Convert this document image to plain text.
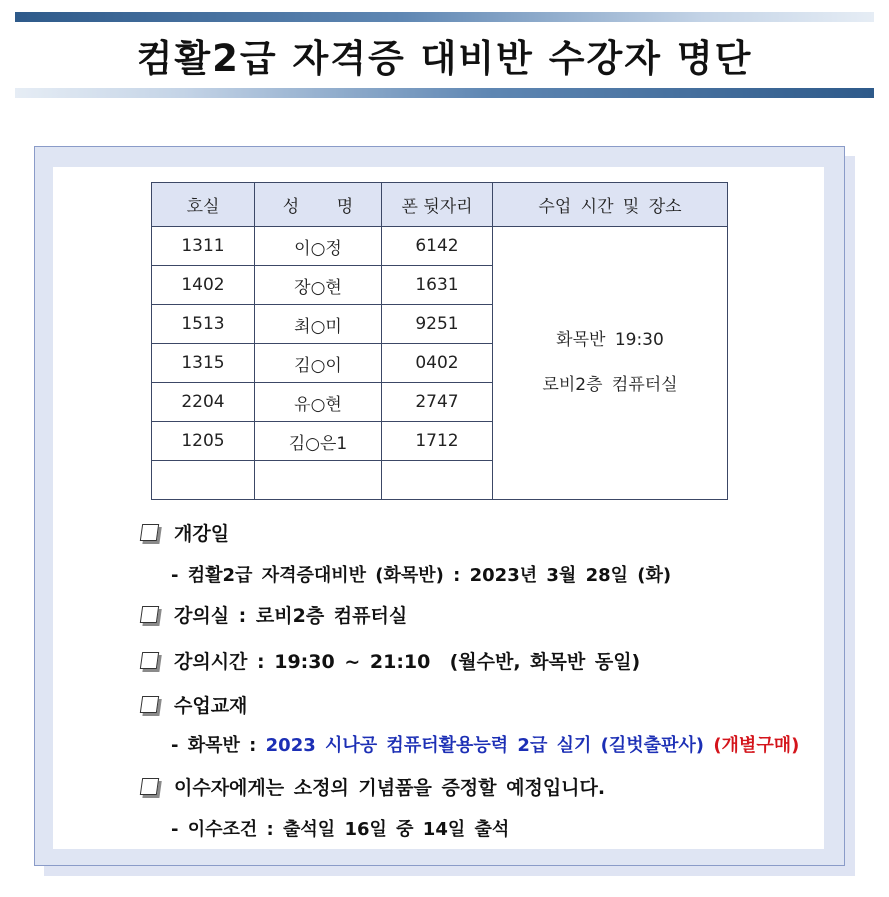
컴활2급 자격증 대비반 수강자 명단
호실	성    명	폰 뒷자리	수업 시간 및 장소
1311	이○정	6142	화목반 19:30

로비2층 컴퓨터실

1402	장○현	1631	
1513	최○미	9251	
1315	김○이	0402	
2204	유○현	2747	
1205	김○은1	1712	

개강일
- 컴활2급 자격증대비반 (화목반) : 2023년 3월 28일 (화)
강의실 : 로비2층 컴퓨터실
강의시간 : 19:30 ~ 21:10  (월수반, 화목반 동일)
수업교재
- 화목반 : 2023 시나공 컴퓨터활용능력 2급 실기 (길벗출판사) (개별구매)
이수자에게는 소정의 기념품을 증정할 예정입니다.
- 이수조건 : 출석일 16일 중 14일 출석
